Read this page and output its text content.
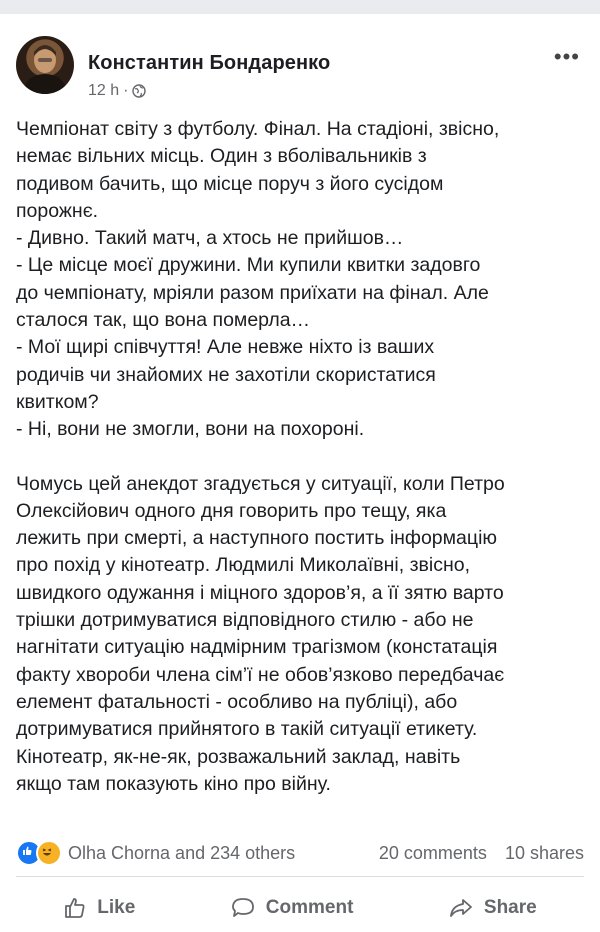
Константин Бондаренко
12 h ·
•••

Чемпіонат світу з футболу. Фінал. На стадіоні, звісно,
немає вільних місць. Один з вболівальників з
подивом бачить, що місце поруч з його сусідом
порожнє.
- Дивно. Такий матч, а хтось не прийшов…
- Це місце моєї дружини. Ми купили квитки задовго
до чемпіонату, мріяли разом приїхати на фінал. Але
сталося так, що вона померла…
- Мої щирі співчуття! Але невже ніхто із ваших
родичів чи знайомих не захотіли скористатися
квитком?
- Ні, вони не змогли, вони на похороні.

Чомусь цей анекдот згадується у ситуації, коли Петро
Олексійович одного дня говорить про тещу, яка
лежить при смерті, а наступного постить інформацію
про похід у кінотеатр. Людмилі Миколаївні, звісно,
швидкого одужання і міцного здоров’я, а її зятю варто
трішки дотримуватися відповідного стилю - або не
нагнітати ситуацію надмірним трагізмом (констатація
факту хвороби члена сім’ї не обов’язково передбачає
елемент фатальності - особливо на публіці), або
дотримуватися прийнятого в такій ситуації етикету.
Кінотеатр, як-не-як, розважальний заклад, навіть
якщо там показують кіно про війну.

Olha Chorna and 234 others	20 comments 10 shares
Like	Comment	Share
